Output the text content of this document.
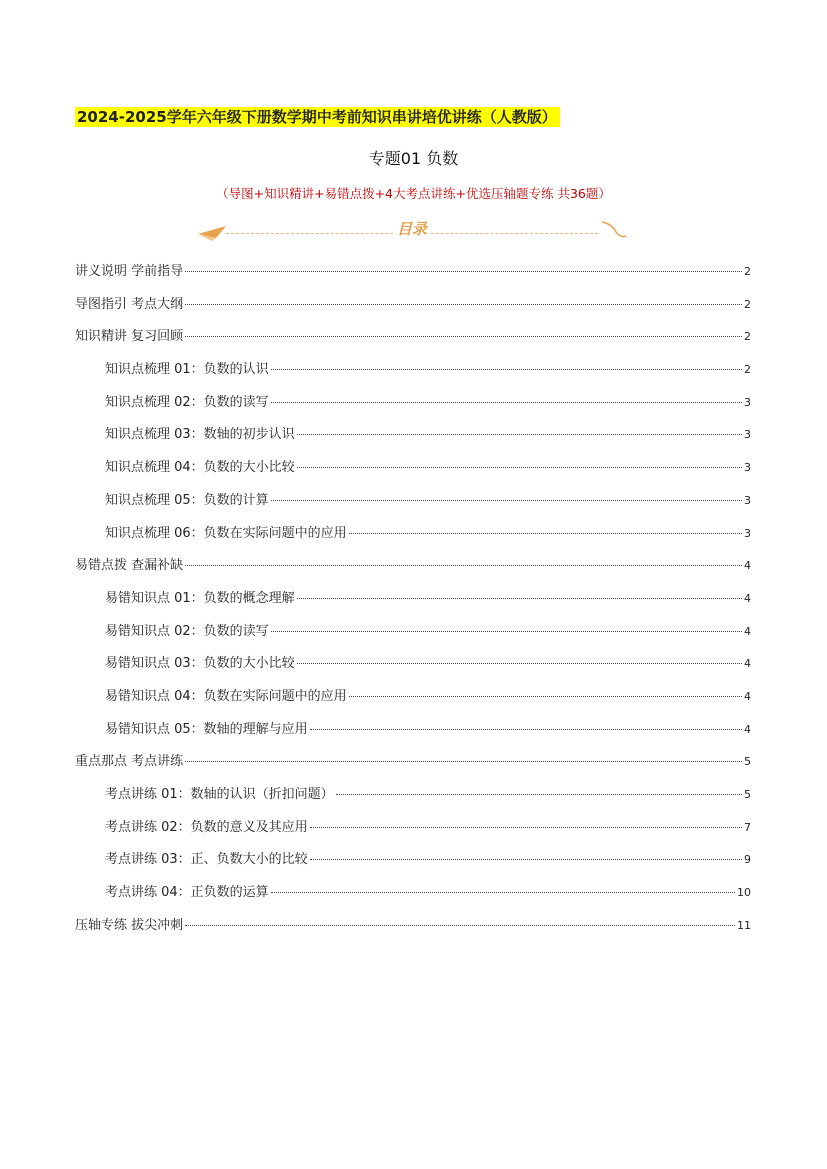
2024-2025学年六年级下册数学期中考前知识串讲培优讲练（人教版）
专题01 负数
（导图+知识精讲+易错点拨+4大考点讲练+优选压轴题专练 共36题）
目录
讲义说明 学前指导	2
导图指引 考点大纲	2
知识精讲 复习回顾	2
知识点梳理 01：负数的认识	2
知识点梳理 02：负数的读写	3
知识点梳理 03：数轴的初步认识	3
知识点梳理 04：负数的大小比较	3
知识点梳理 05：负数的计算	3
知识点梳理 06：负数在实际问题中的应用	3
易错点拨 查漏补缺	4
易错知识点 01：负数的概念理解	4
易错知识点 02：负数的读写	4
易错知识点 03：负数的大小比较	4
易错知识点 04：负数在实际问题中的应用	4
易错知识点 05：数轴的理解与应用	4
重点那点 考点讲练	5
考点讲练 01：数轴的认识（折扣问题）	5
考点讲练 02：负数的意义及其应用	7
考点讲练 03：正、负数大小的比较	9
考点讲练 04：正负数的运算	10
压轴专练 拔尖冲刺	11
